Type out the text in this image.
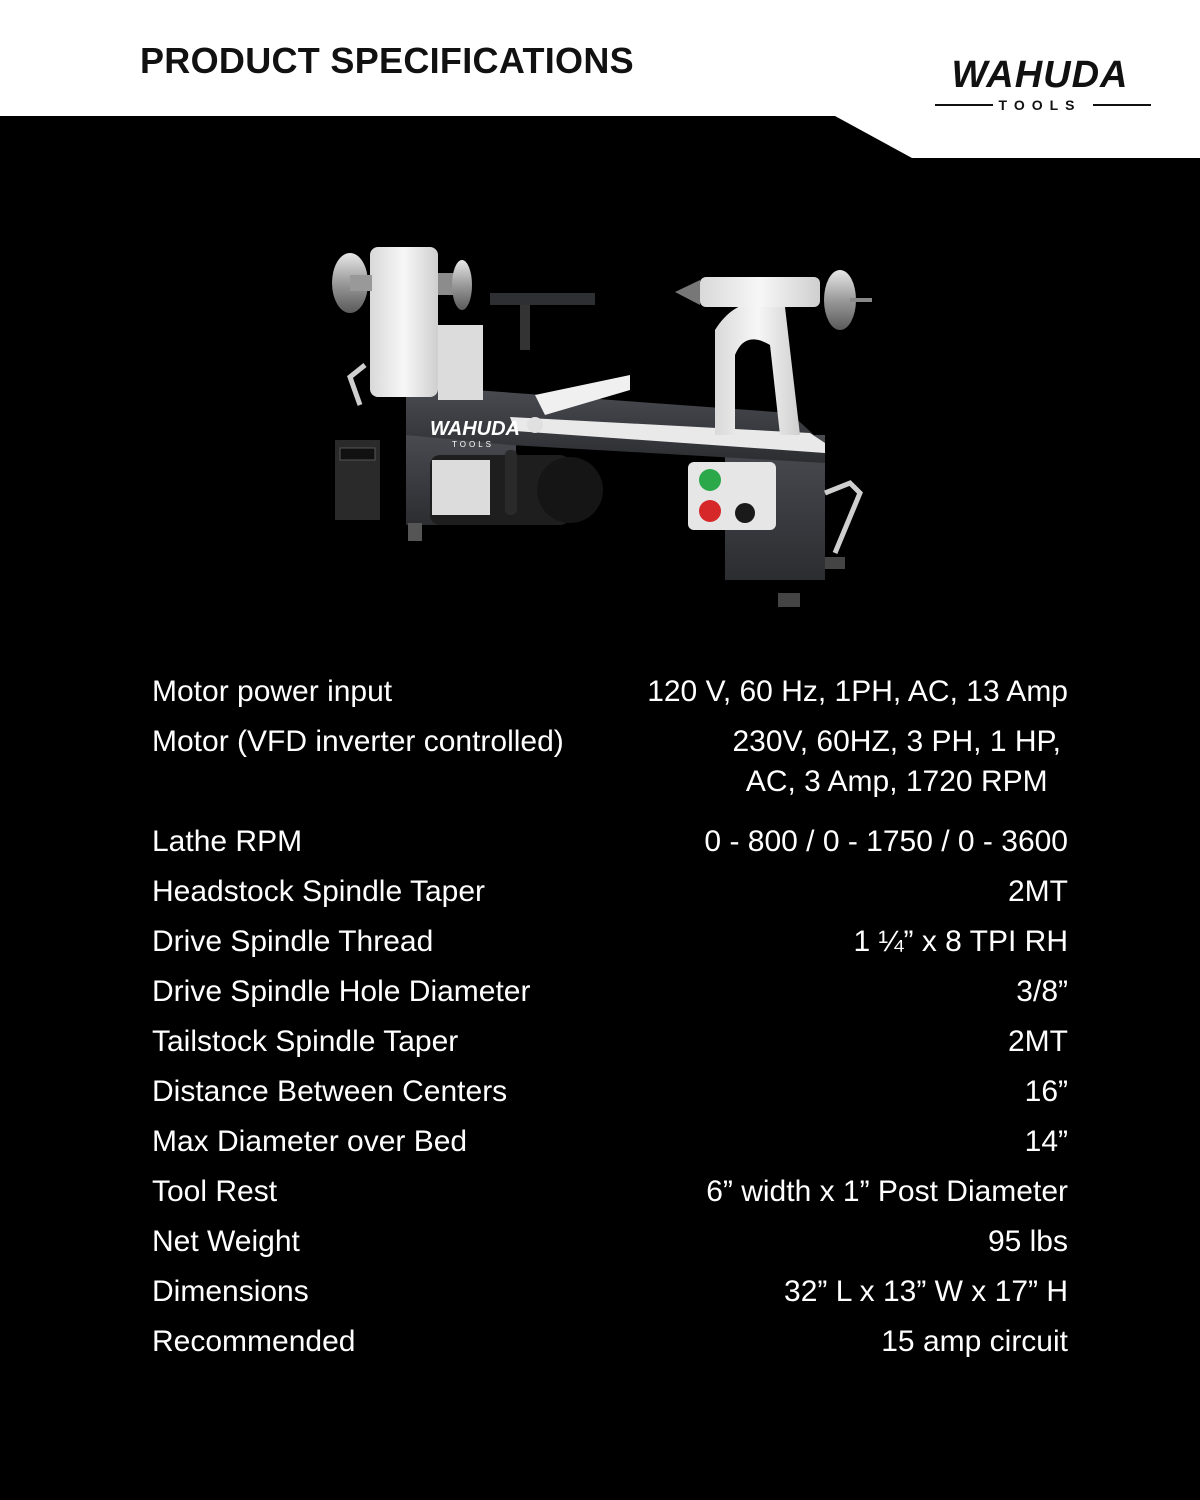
PRODUCT SPECIFICATIONS	WAHUDA
TOOLS
WAHUDA
TOOLS
Motor power input	120 V, 60 Hz, 1PH, AC, 13 Amp
Motor (VFD inverter controlled)	230V, 60HZ, 3 PH, 1 HP,
AC, 3 Amp, 1720 RPM
Lathe RPM	0 - 800 / 0 - 1750 / 0 - 3600
Headstock Spindle Taper	2MT
Drive Spindle Thread	1 ¼” x 8 TPI RH
Drive Spindle Hole Diameter	3/8”
Tailstock Spindle Taper	2MT
Distance Between Centers	16”
Max Diameter over Bed	14”
Tool Rest	6” width x 1” Post Diameter
Net Weight	95 lbs
Dimensions	32” L x 13” W x 17” H
Recommended	15 amp circuit
